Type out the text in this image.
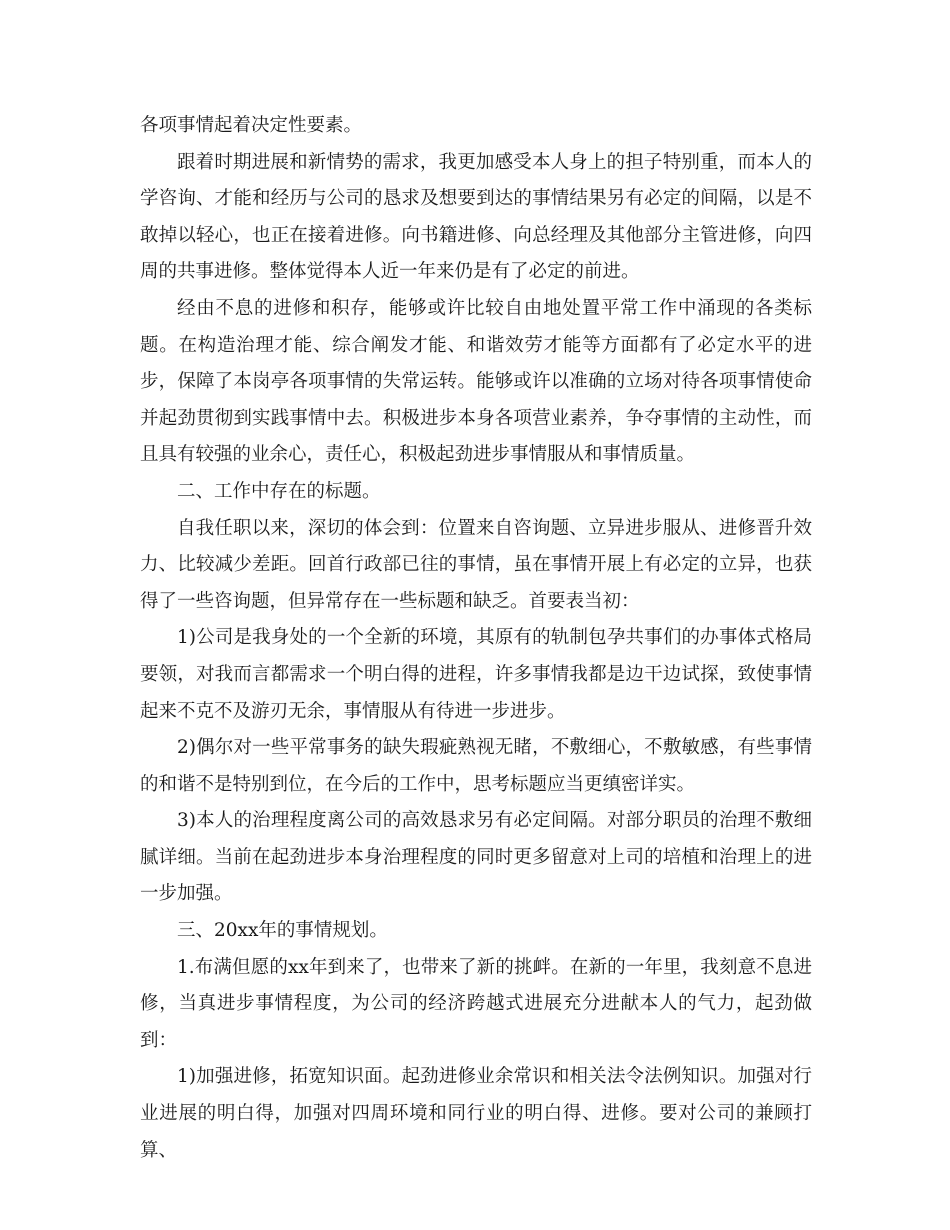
各项事情起着决定性要素。

跟着时期进展和新情势的需求，我更加感受本人身上的担子特别重，而本人的学咨询、才能和经历与公司的恳求及想要到达的事情结果另有必定的间隔，以是不敢掉以轻心，也正在接着进修。向书籍进修、向总经理及其他部分主管进修，向四周的共事进修。整体觉得本人近一年来仍是有了必定的前进。

经由不息的进修和积存，能够或许比较自由地处置平常工作中涌现的各类标题。在构造治理才能、综合阐发才能、和谐效劳才能等方面都有了必定水平的进步，保障了本岗亭各项事情的失常运转。能够或许以准确的立场对待各项事情使命并起劲贯彻到实践事情中去。积极进步本身各项营业素养，争夺事情的主动性，而且具有较强的业余心，责任心，积极起劲进步事情服从和事情质量。

二、工作中存在的标题。

自我任职以来，深切的体会到：位置来自咨询题、立异进步服从、进修晋升效力、比较减少差距。回首行政部已往的事情，虽在事情开展上有必定的立异，也获得了一些咨询题，但异常存在一些标题和缺乏。首要表当初：

1)公司是我身处的一个全新的环境，其原有的轨制包孕共事们的办事体式格局要领，对我而言都需求一个明白得的进程，许多事情我都是边干边试探，致使事情起来不克不及游刃无余，事情服从有待进一步进步。

2)偶尔对一些平常事务的缺失瑕疵熟视无睹，不敷细心，不敷敏感，有些事情的和谐不是特别到位，在今后的工作中，思考标题应当更缜密详实。

3)本人的治理程度离公司的高效恳求另有必定间隔。对部分职员的治理不敷细腻详细。当前在起劲进步本身治理程度的同时更多留意对上司的培植和治理上的进一步加强。

三、20xx年的事情规划。

1.布满但愿的xx年到来了，也带来了新的挑衅。在新的一年里，我刻意不息进修，当真进步事情程度，为公司的经济跨越式进展充分进献本人的气力，起劲做到：

1)加强进修，拓宽知识面。起劲进修业余常识和相关法令法例知识。加强对行业进展的明白得，加强对四周环境和同行业的明白得、进修。要对公司的兼顾打算、
